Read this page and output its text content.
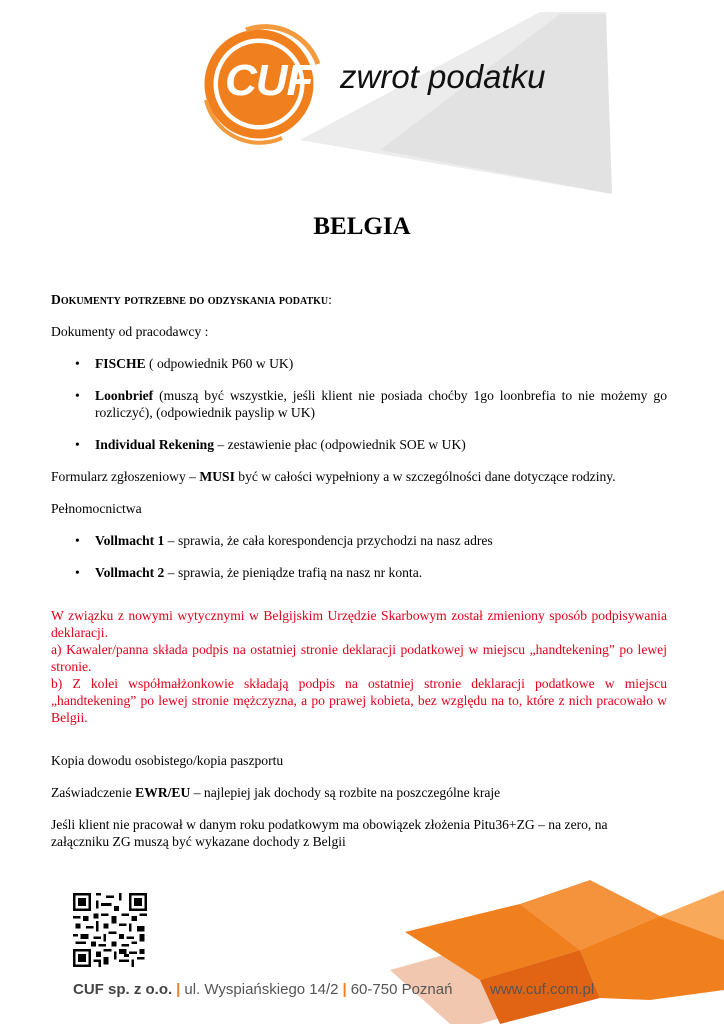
CUF zwrot podatku
BELGIA

Dokumenty potrzebne do odzyskania podatku:

Dokumenty od pracodawcy :

• FISCHE ( odpowiednik P60 w UK)
• Loonbrief (muszą być wszystkie, jeśli klient nie posiada choćby 1go loonbrefia to nie możemy go rozliczyć), (odpowiednik payslip w UK)
• Individual Rekening – zestawienie płac (odpowiednik SOE w UK)

Formularz zgłoszeniowy – MUSI być w całości wypełniony a w szczególności dane dotyczące rodziny.

Pełnomocnictwa

• Vollmacht 1 – sprawia, że cała korespondencja przychodzi na nasz adres
• Vollmacht 2 – sprawia, że pieniądze trafią na nasz nr konta.

W związku z nowymi wytycznymi w Belgijskim Urzędzie Skarbowym został zmieniony sposób podpisywania deklaracji.

a) Kawaler/panna składa podpis na ostatniej stronie deklaracji podatkowej w miejscu „handtekening” po lewej stronie.

b) Z kolei współmałżonkowie składają podpis na ostatniej stronie deklaracji podatkowe w miejscu „handtekening” po lewej stronie mężczyzna, a po prawej kobieta, bez względu na to, które z nich pracowało w Belgii.

Kopia dowodu osobistego/kopia paszportu

Zaświadczenie EWR/EU – najlepiej jak dochody są rozbite na poszczególne kraje

Jeśli klient nie pracował w danym roku podatkowym ma obowiązek złożenia Pitu36+ZG – na zero, na załączniku ZG muszą być wykazane dochody z Belgii

CUF sp. z o.o. | ul. Wyspiańskiego 14/2 | 60-750 Poznań	www.cuf.com.pl
